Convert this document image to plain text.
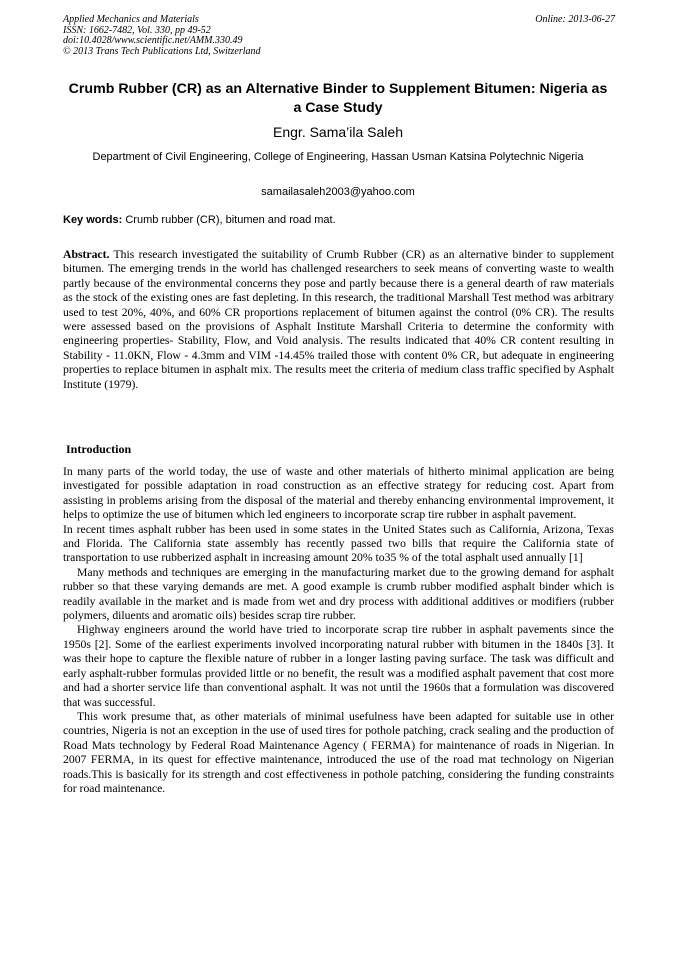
Applied Mechanics and Materials
ISSN: 1662-7482, Vol. 330, pp 49-52
doi:10.4028/www.scientific.net/AMM.330.49
© 2013 Trans Tech Publications Ltd, Switzerland
Online: 2013-06-27
Crumb Rubber (CR) as an Alternative Binder to Supplement Bitumen: Nigeria as a Case Study
Engr. Sama’ila Saleh
Department of Civil Engineering, College of Engineering, Hassan Usman Katsina Polytechnic Nigeria
samailasaleh2003@yahoo.com
Key words: Crumb rubber (CR), bitumen and road mat.
Abstract. This research investigated the suitability of Crumb Rubber (CR) as an alternative binder to supplement bitumen. The emerging trends in the world has challenged researchers to seek means of converting waste to wealth partly because of the environmental concerns they pose and partly because there is a general dearth of raw materials as the stock of the existing ones are fast depleting. In this research, the traditional Marshall Test method was arbitrary used to test 20%, 40%, and 60% CR proportions replacement of bitumen against the control (0% CR). The results were assessed based on the provisions of Asphalt Institute Marshall Criteria to determine the conformity with engineering properties- Stability, Flow, and Void analysis. The results indicated that 40% CR content resulting in Stability - 11.0KN, Flow - 4.3mm and VIM -14.45% trailed those with content 0% CR, but adequate in engineering properties to replace bitumen in asphalt mix. The results meet the criteria of medium class traffic specified by Asphalt Institute (1979).
Introduction

In many parts of the world today, the use of waste and other materials of hitherto minimal application are being investigated for possible adaptation in road construction as an effective strategy for reducing cost. Apart from assisting in problems arising from the disposal of the material and thereby enhancing environmental improvement, it helps to optimize the use of bitumen which led engineers to incorporate scrap tire rubber in asphalt pavement.

In recent times asphalt rubber has been used in some states in the United States such as California, Arizona, Texas and Florida. The California state assembly has recently passed two bills that require the California state of transportation to use rubberized asphalt in increasing amount 20% to35 % of the total asphalt used annually [1]

Many methods and techniques are emerging in the manufacturing market due to the growing demand for asphalt rubber so that these varying demands are met. A good example is crumb rubber modified asphalt binder which is readily available in the market and is made from wet and dry process with additional additives or modifiers (rubber polymers, diluents and aromatic oils) besides scrap tire rubber.

Highway engineers around the world have tried to incorporate scrap tire rubber in asphalt pavements since the 1950s [2]. Some of the earliest experiments involved incorporating natural rubber with bitumen in the 1840s [3]. It was their hope to capture the flexible nature of rubber in a longer lasting paving surface. The task was difficult and early asphalt-rubber formulas provided little or no benefit, the result was a modified asphalt pavement that cost more and had a shorter service life than conventional asphalt. It was not until the 1960s that a formulation was discovered that was successful.

This work presume that, as other materials of minimal usefulness have been adapted for suitable use in other countries, Nigeria is not an exception in the use of used tires for pothole patching, crack sealing and the production of Road Mats technology by Federal Road Maintenance Agency ( FERMA) for maintenance of roads in Nigerian. In 2007 FERMA, in its quest for effective maintenance, introduced the use of the road mat technology on Nigerian roads.This is basically for its strength and cost effectiveness in pothole patching, considering the funding constraints for road maintenance.
